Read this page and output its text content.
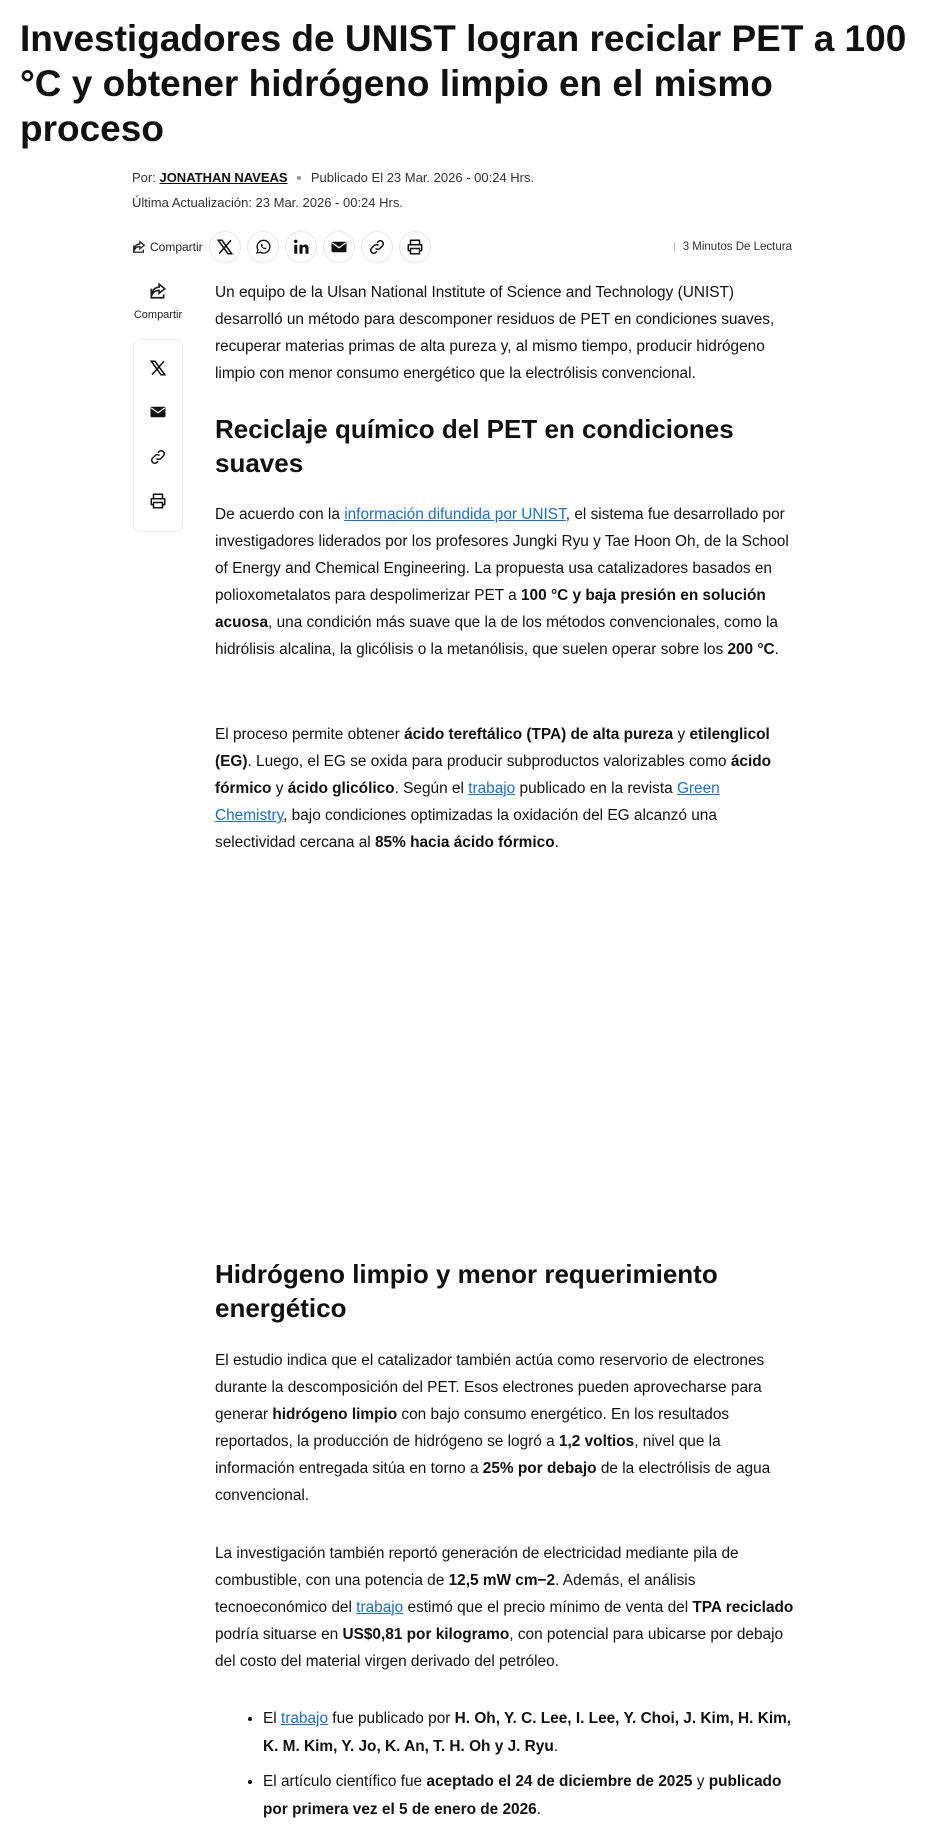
Investigadores de UNIST logran reciclar PET a 100 °C y obtener hidrógeno limpio en el mismo proceso
Por: JONATHAN NAVEAS Publicado El 23 Mar. 2026 - 00:24 Hrs.
Última Actualización: 23 Mar. 2026 - 00:24 Hrs.
Compartir	3 Minutos De Lectura
Compartir

Un equipo de la Ulsan National Institute of Science and Technology (UNIST) desarrolló un método para descomponer residuos de PET en condiciones suaves, recuperar materias primas de alta pureza y, al mismo tiempo, producir hidrógeno limpio con menor consumo energético que la electrólisis convencional.

Reciclaje químico del PET en condiciones suaves

De acuerdo con la información difundida por UNIST, el sistema fue desarrollado por investigadores liderados por los profesores Jungki Ryu y Tae Hoon Oh, de la School of Energy and Chemical Engineering. La propuesta usa catalizadores basados en polioxometalatos para despolimerizar PET a 100 °C y baja presión en solución acuosa, una condición más suave que la de los métodos convencionales, como la hidrólisis alcalina, la glicólisis o la metanólisis, que suelen operar sobre los 200 °C.

El proceso permite obtener ácido tereftálico (TPA) de alta pureza y etilenglicol (EG). Luego, el EG se oxida para producir subproductos valorizables como ácido fórmico y ácido glicólico. Según el trabajo publicado en la revista Green Chemistry, bajo condiciones optimizadas la oxidación del EG alcanzó una selectividad cercana al 85% hacia ácido fórmico.

Hidrógeno limpio y menor requerimiento energético

El estudio indica que el catalizador también actúa como reservorio de electrones durante la descomposición del PET. Esos electrones pueden aprovecharse para generar hidrógeno limpio con bajo consumo energético. En los resultados reportados, la producción de hidrógeno se logró a 1,2 voltios, nivel que la información entregada sitúa en torno a 25% por debajo de la electrólisis de agua convencional.

La investigación también reportó generación de electricidad mediante pila de combustible, con una potencia de 12,5 mW cm−2. Además, el análisis tecnoeconómico del trabajo estimó que el precio mínimo de venta del TPA reciclado podría situarse en US$0,81 por kilogramo, con potencial para ubicarse por debajo del costo del material virgen derivado del petróleo.

• El trabajo fue publicado por H. Oh, Y. C. Lee, I. Lee, Y. Choi, J. Kim, H. Kim, K. M. Kim, Y. Jo, K. An, T. H. Oh y J. Ryu.
• El artículo científico fue aceptado el 24 de diciembre de 2025 y publicado por primera vez el 5 de enero de 2026.
